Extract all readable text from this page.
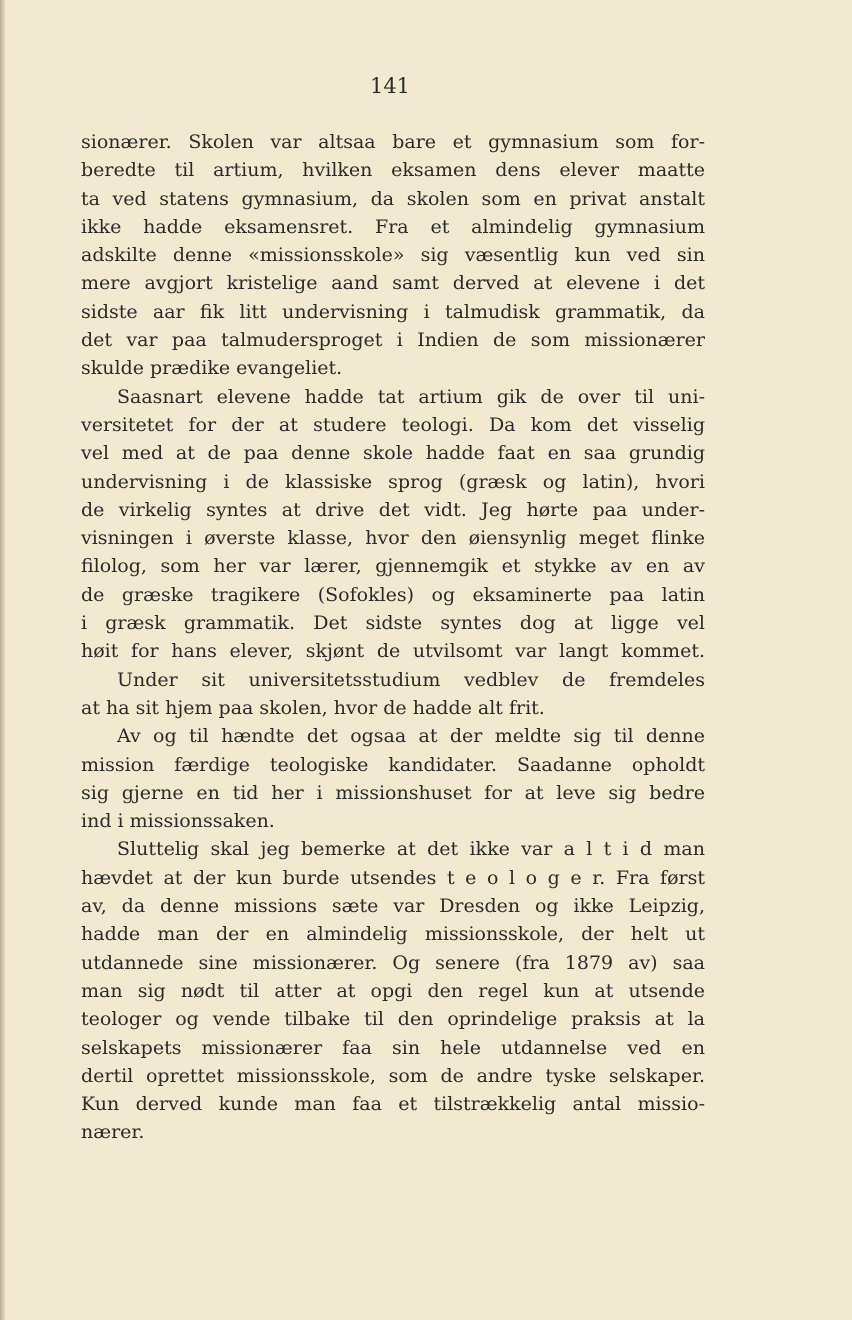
141
sionærer. Skolen var altsaa bare et gymnasium som for-
beredte til artium, hvilken eksamen dens elever maatte
ta ved statens gymnasium, da skolen som en privat anstalt
ikke hadde eksamensret. Fra et almindelig gymnasium
adskilte denne «missionsskole» sig væsentlig kun ved sin
mere avgjort kristelige aand samt derved at elevene i det
sidste aar fik litt undervisning i talmudisk grammatik, da
det var paa talmudersproget i Indien de som missionærer
skulde prædike evangeliet.
Saasnart elevene hadde tat artium gik de over til uni-
versitetet for der at studere teologi. Da kom det visselig
vel med at de paa denne skole hadde faat en saa grundig
undervisning i de klassiske sprog (græsk og latin), hvori
de virkelig syntes at drive det vidt. Jeg hørte paa under-
visningen i øverste klasse, hvor den øiensynlig meget flinke
filolog, som her var lærer, gjennemgik et stykke av en av
de græske tragikere (Sofokles) og eksaminerte paa latin
i græsk grammatik. Det sidste syntes dog at ligge vel
høit for hans elever, skjønt de utvilsomt var langt kommet.
Under sit universitetsstudium vedblev de fremdeles
at ha sit hjem paa skolen, hvor de hadde alt frit.
Av og til hændte det ogsaa at der meldte sig til denne
mission færdige teologiske kandidater. Saadanne opholdt
sig gjerne en tid her i missionshuset for at leve sig bedre
ind i missionssaken.
Sluttelig skal jeg bemerke at det ikke var a l t i d man
hævdet at der kun burde utsendes t e o l o g e r. Fra først
av, da denne missions sæte var Dresden og ikke Leipzig,
hadde man der en almindelig missionsskole, der helt ut
utdannede sine missionærer. Og senere (fra 1879 av) saa
man sig nødt til atter at opgi den regel kun at utsende
teologer og vende tilbake til den oprindelige praksis at la
selskapets missionærer faa sin hele utdannelse ved en
dertil oprettet missionsskole, som de andre tyske selskaper.
Kun derved kunde man faa et tilstrækkelig antal missio-
nærer.
